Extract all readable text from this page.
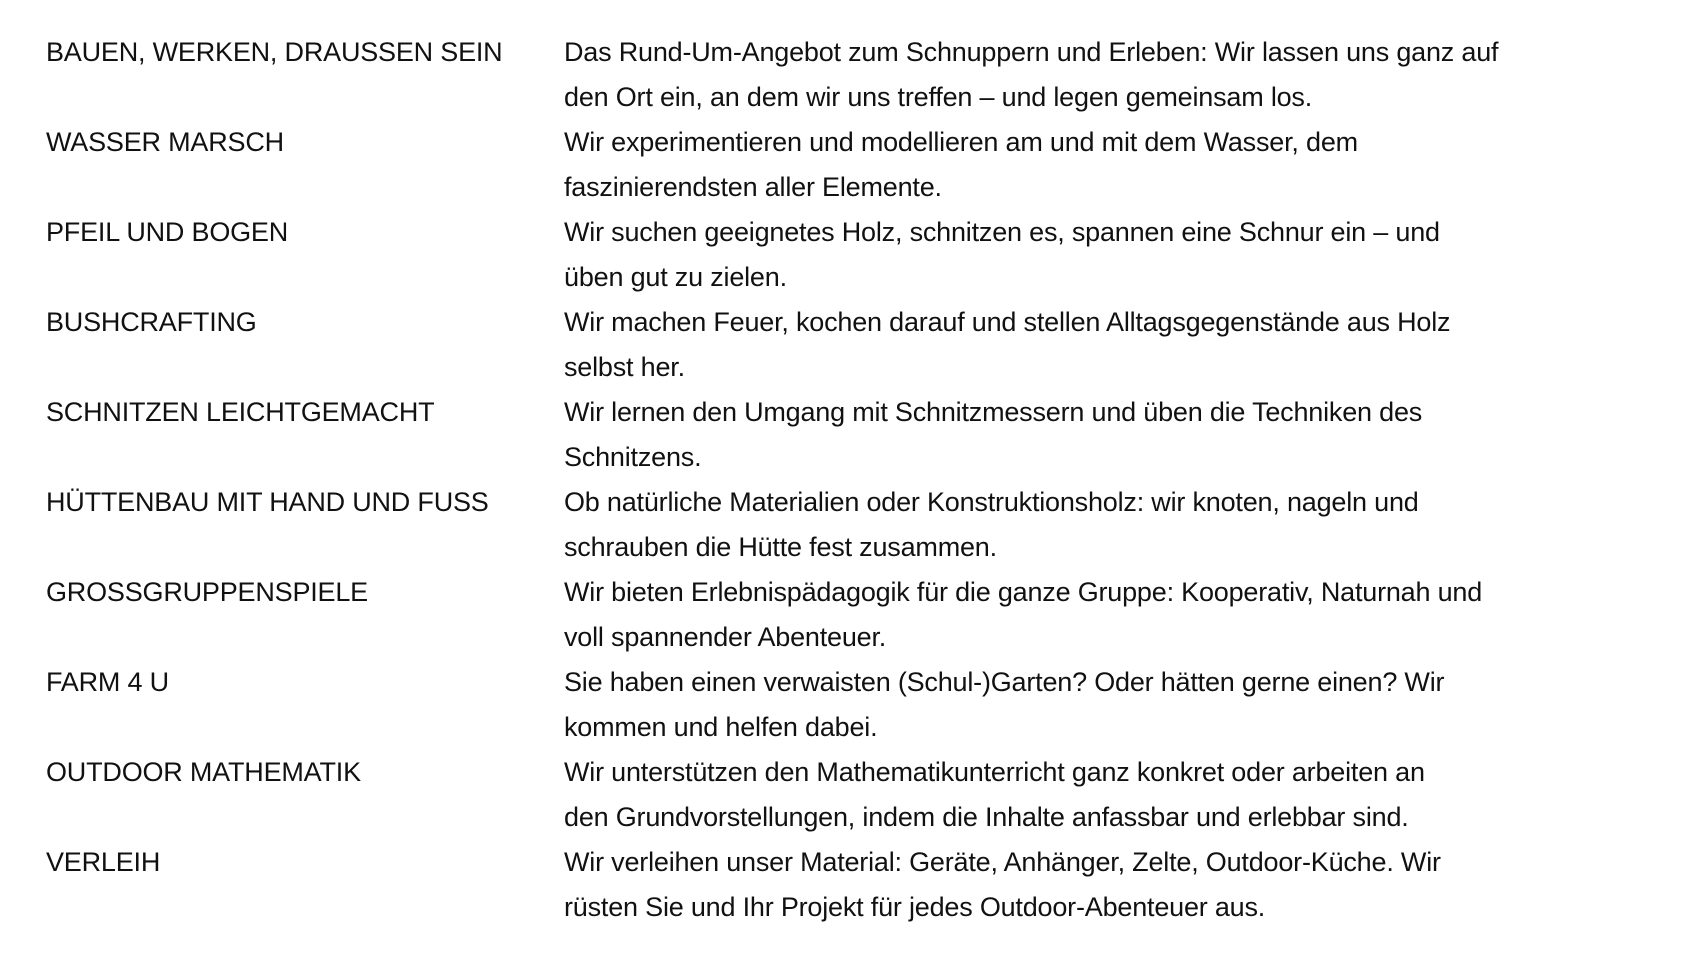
BAUEN, WERKEN, DRAUSSEN SEIN	Das Rund-Um-Angebot zum Schnuppern und Erleben: Wir lassen uns ganz auf
den Ort ein, an dem wir uns treffen – und legen gemeinsam los.
WASSER MARSCH	Wir experimentieren und modellieren am und mit dem Wasser, dem
faszinierendsten aller Elemente.
PFEIL UND BOGEN	Wir suchen geeignetes Holz, schnitzen es, spannen eine Schnur ein – und
üben gut zu zielen.
BUSHCRAFTING	Wir machen Feuer, kochen darauf und stellen Alltagsgegenstände aus Holz
selbst her.
SCHNITZEN LEICHTGEMACHT	Wir lernen den Umgang mit Schnitzmessern und üben die Techniken des
Schnitzens.
HÜTTENBAU MIT HAND UND FUSS	Ob natürliche Materialien oder Konstruktionsholz: wir knoten, nageln und
schrauben die Hütte fest zusammen.
GROSSGRUPPENSPIELE	Wir bieten Erlebnispädagogik für die ganze Gruppe: Kooperativ, Naturnah und
voll spannender Abenteuer.
FARM 4 U	Sie haben einen verwaisten (Schul-)Garten? Oder hätten gerne einen? Wir
kommen und helfen dabei.
OUTDOOR MATHEMATIK	Wir unterstützen den Mathematikunterricht ganz konkret oder arbeiten an
den Grundvorstellungen, indem die Inhalte anfassbar und erlebbar sind.
VERLEIH	Wir verleihen unser Material: Geräte, Anhänger, Zelte, Outdoor-Küche. Wir
rüsten Sie und Ihr Projekt für jedes Outdoor-Abenteuer aus.
